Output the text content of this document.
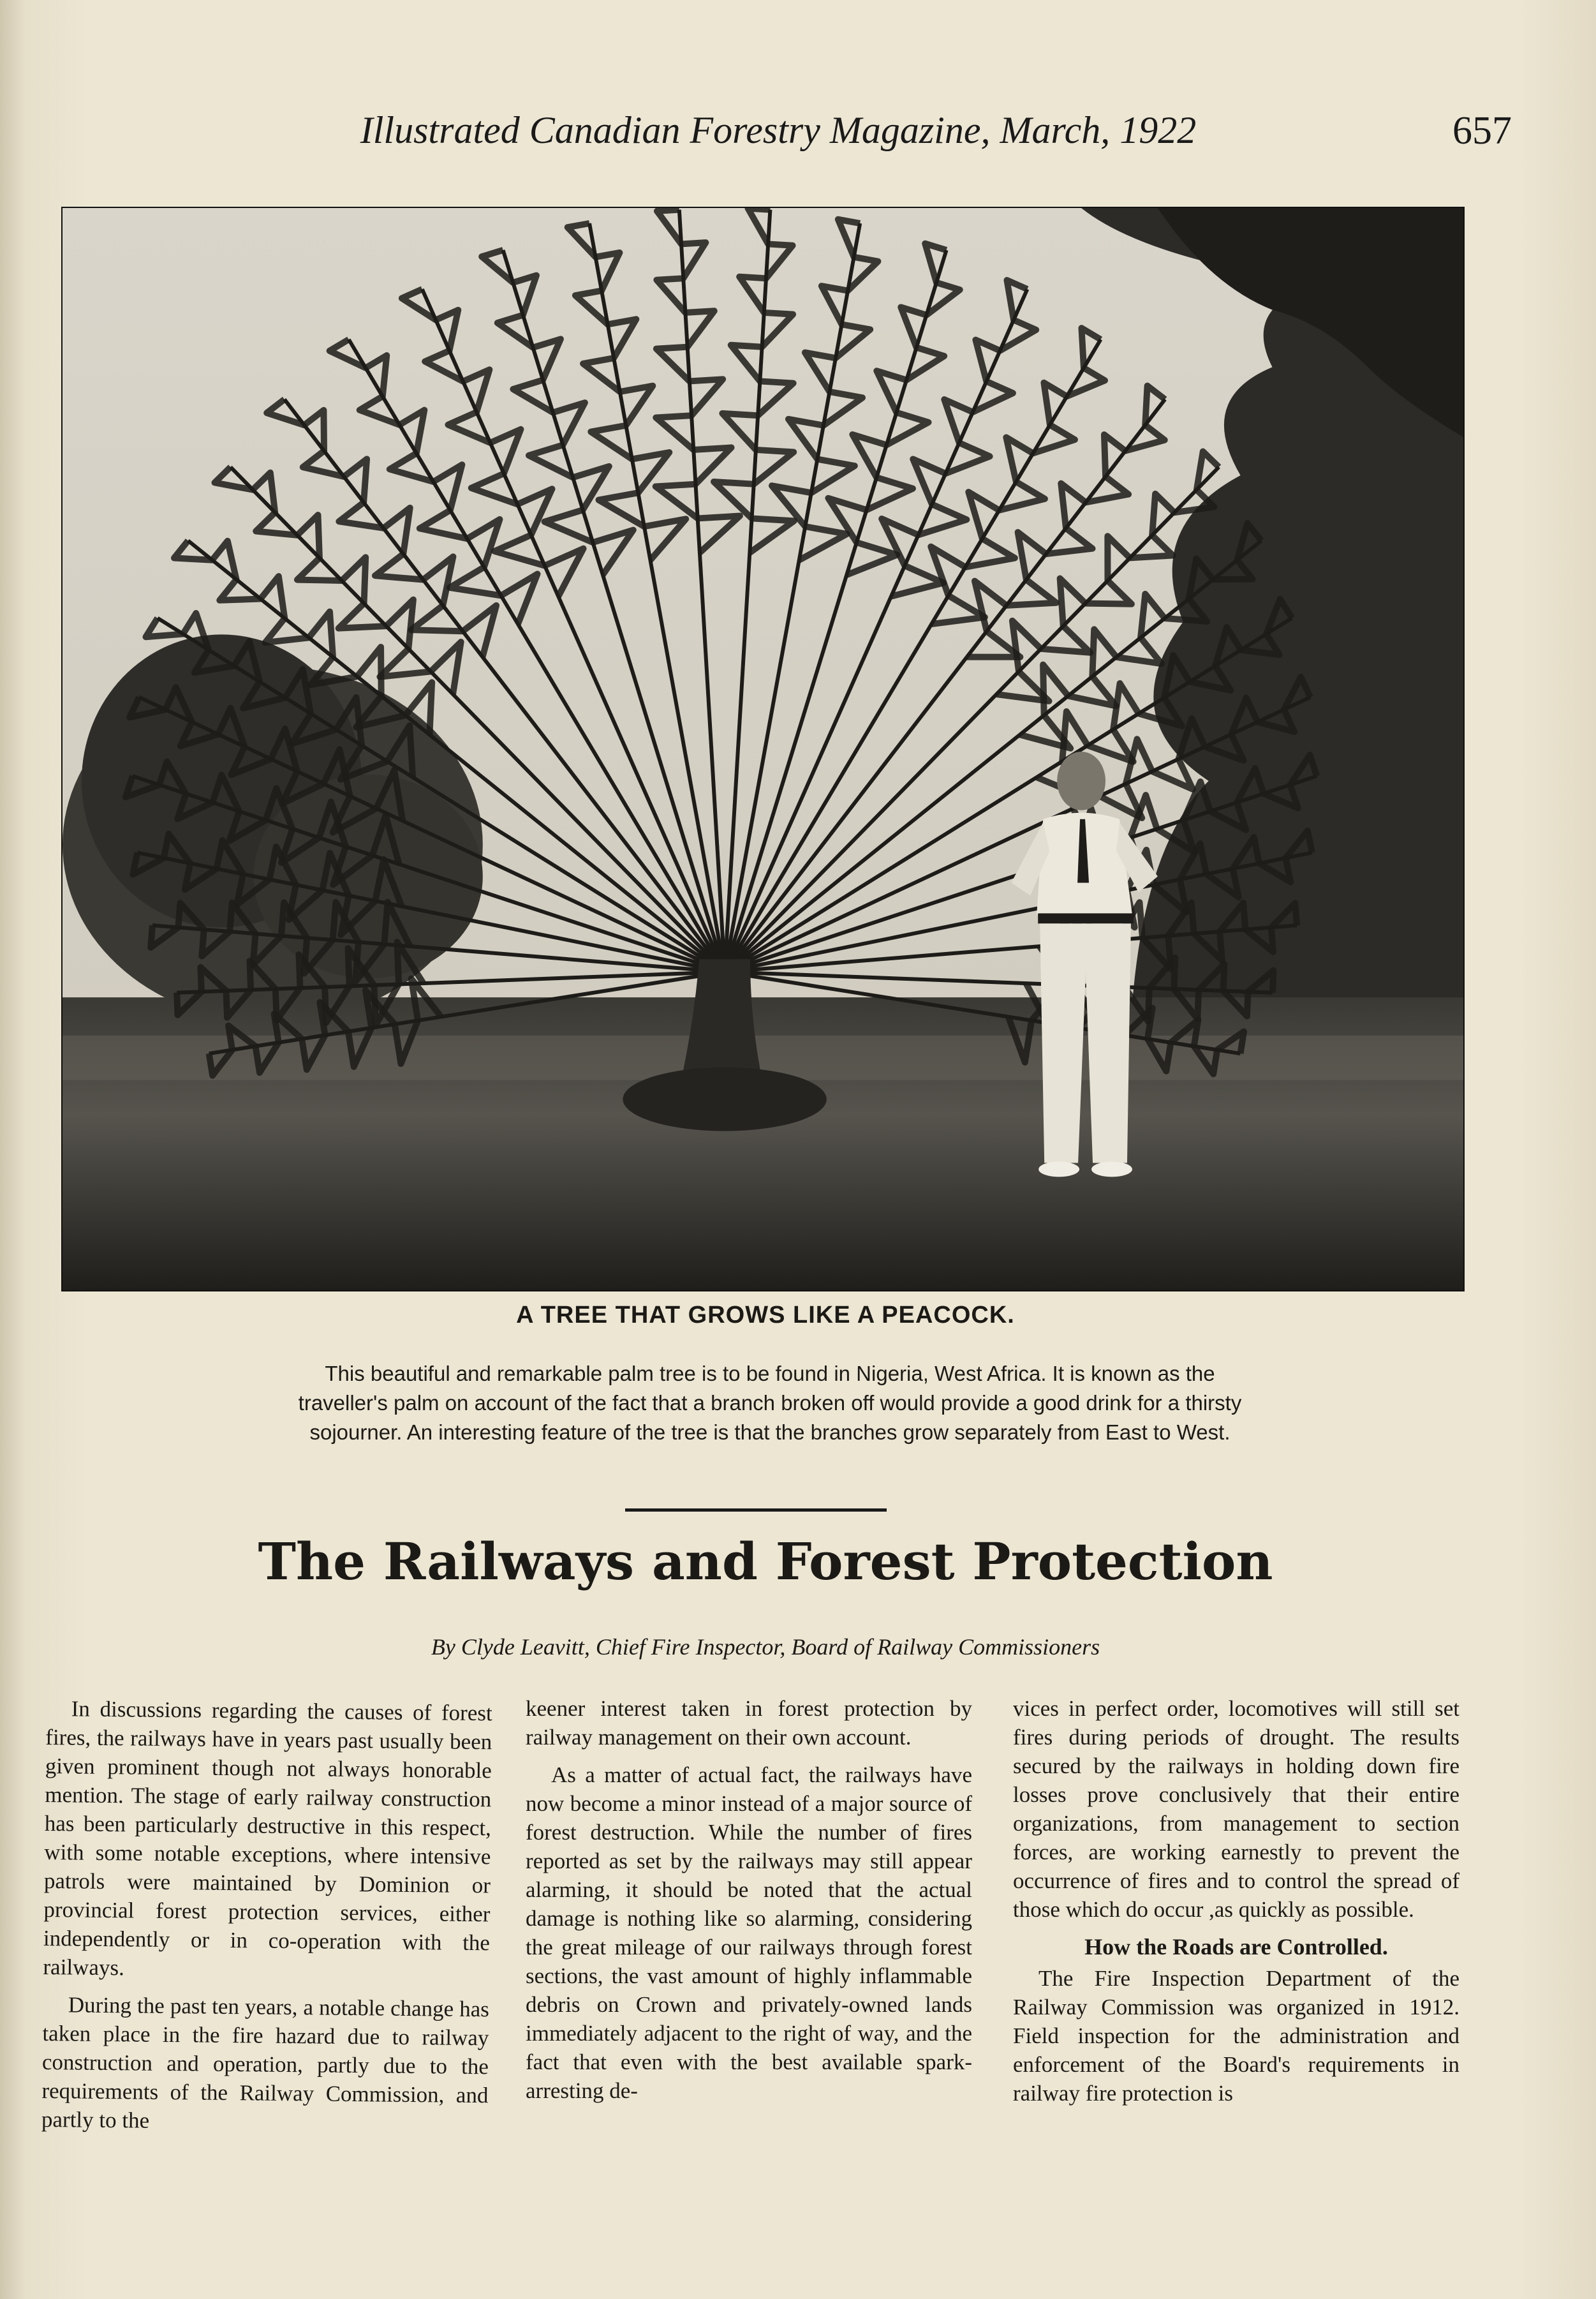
Illustrated Canadian Forestry Magazine, March, 1922	657
A TREE THAT GROWS LIKE A PEACOCK.
This beautiful and remarkable palm tree is to be found in Nigeria, West Africa. It is known as the traveller's palm on account of the fact that a branch broken off would provide a good drink for a thirsty sojourner. An interesting feature of the tree is that the branches grow separately from East to West.
The Railways and Forest Protection
By Clyde Leavitt, Chief Fire Inspector, Board of Railway Commissioners

In discussions regarding the causes of forest fires, the railways have in years past usually been given prominent though not always honorable mention. The stage of early railway construction has been particularly destructive in this respect, with some notable exceptions, where intensive patrols were maintained by Dominion or provincial forest protection services, either independently or in co-operation with the railways.

During the past ten years, a notable change has taken place in the fire hazard due to railway construction and operation, partly due to the requirements of the Railway Commission, and partly to the

keener interest taken in forest protection by railway management on their own account.

As a matter of actual fact, the railways have now become a minor instead of a major source of forest destruction. While the number of fires reported as set by the railways may still appear alarming, it should be noted that the actual damage is nothing like so alarming, considering the great mileage of our railways through forest sections, the vast amount of highly inflammable debris on Crown and privately-owned lands immediately adjacent to the right of way, and the fact that even with the best available spark-arresting de-

vices in perfect order, locomotives will still set fires during periods of drought. The results secured by the railways in holding down fire losses prove conclusively that their entire organizations, from management to section forces, are working earnestly to prevent the occurrence of fires and to control the spread of those which do occur ,as quickly as possible.

How the Roads are Controlled.

The Fire Inspection Department of the Railway Commission was organized in 1912. Field inspection for the administration and enforcement of the Board's requirements in railway fire protection is
